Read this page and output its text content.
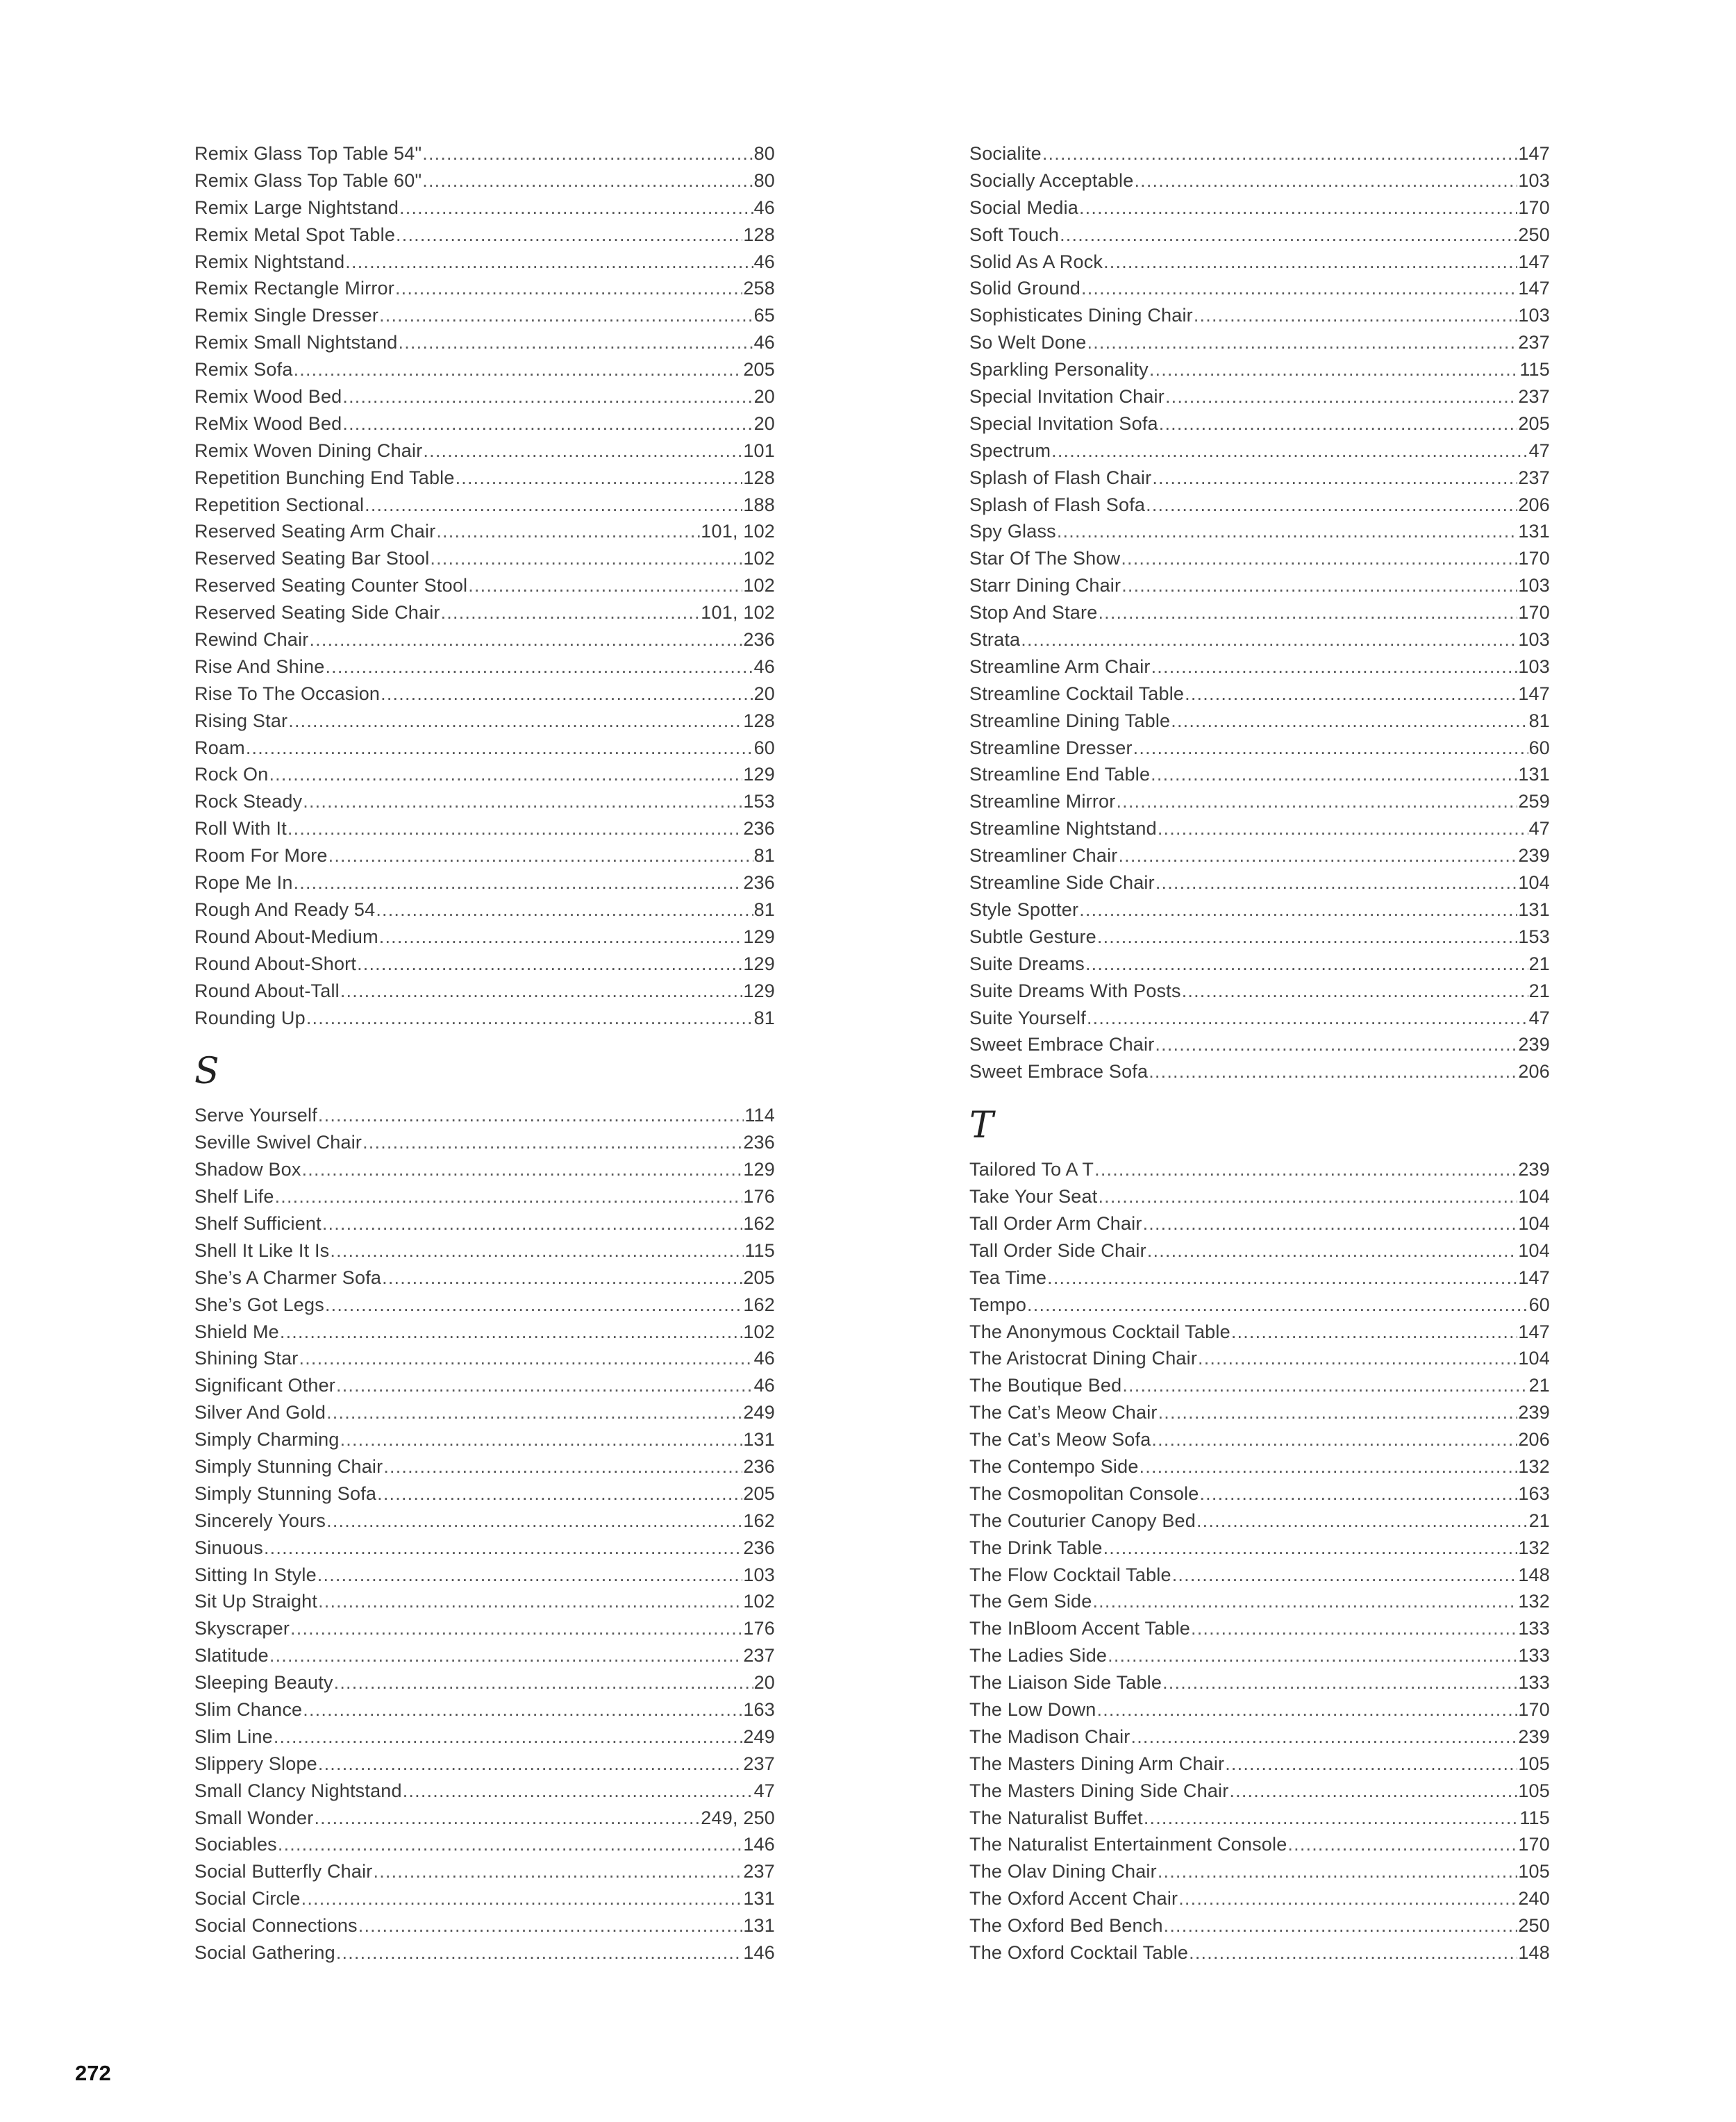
Remix Glass Top Table 54" .....	80
Remix Glass Top Table 60" .....	80
Remix Large Nightstand .....	46
Remix Metal Spot Table .....	128
Remix Nightstand .....	46
Remix Rectangle Mirror .....	258
Remix Single Dresser .....	65
Remix Small Nightstand .....	46
Remix Sofa .....	205
Remix Wood Bed .....	20
ReMix Wood Bed .....	20
Remix Woven Dining Chair .....	101
Repetition Bunching End Table .....	128
Repetition Sectional .....	188
Reserved Seating Arm Chair .....	101, 102
Reserved Seating Bar Stool .....	102
Reserved Seating Counter Stool .....	102
Reserved Seating Side Chair .....	101, 102
Rewind Chair .....	236
Rise And Shine .....	46
Rise To The Occasion .....	20
Rising Star .....	128
Roam .....	60
Rock On .....	129
Rock Steady .....	153
Roll With It .....	236
Room For More .....	81
Rope Me In .....	236
Rough And Ready 54 .....	81
Round About-Medium .....	129
Round About-Short .....	129
Round About-Tall .....	129
Rounding Up .....	81
S
Serve Yourself .....	114
Seville Swivel Chair .....	236
Shadow Box .....	129
Shelf Life .....	176
Shelf Sufficient .....	162
Shell It Like It Is .....	115
She’s A Charmer Sofa .....	205
She’s Got Legs .....	162
Shield Me .....	102
Shining Star .....	46
Significant Other .....	46
Silver And Gold .....	249
Simply Charming .....	131
Simply Stunning Chair .....	236
Simply Stunning Sofa .....	205
Sincerely Yours .....	162
Sinuous .....	236
Sitting In Style .....	103
Sit Up Straight .....	102
Skyscraper .....	176
Slatitude .....	237
Sleeping Beauty .....	20
Slim Chance .....	163
Slim Line .....	249
Slippery Slope .....	237
Small Clancy Nightstand .....	47
Small Wonder .....	249, 250
Sociables .....	146
Social Butterfly Chair .....	237
Social Circle .....	131
Social Connections .....	131
Social Gathering .....	146
Socialite .....	147
Socially Acceptable .....	103
Social Media .....	170
Soft Touch .....	250
Solid As A Rock .....	147
Solid Ground .....	147
Sophisticates Dining Chair .....	103
So Welt Done .....	237
Sparkling Personality .....	115
Special Invitation Chair .....	237
Special Invitation Sofa .....	205
Spectrum .....	47
Splash of Flash Chair .....	237
Splash of Flash Sofa .....	206
Spy Glass .....	131
Star Of The Show .....	170
Starr Dining Chair .....	103
Stop And Stare .....	170
Strata .....	103
Streamline Arm Chair .....	103
Streamline Cocktail Table .....	147
Streamline Dining Table .....	81
Streamline Dresser .....	60
Streamline End Table .....	131
Streamline Mirror .....	259
Streamline Nightstand .....	47
Streamliner Chair .....	239
Streamline Side Chair .....	104
Style Spotter .....	131
Subtle Gesture .....	153
Suite Dreams .....	21
Suite Dreams With Posts .....	21
Suite Yourself .....	47
Sweet Embrace Chair .....	239
Sweet Embrace Sofa .....	206
T
Tailored To A T .....	239
Take Your Seat .....	104
Tall Order Arm Chair .....	104
Tall Order Side Chair .....	104
Tea Time .....	147
Tempo .....	60
The Anonymous Cocktail Table .....	147
The Aristocrat Dining Chair .....	104
The Boutique Bed .....	21
The Cat’s Meow Chair .....	239
The Cat’s Meow Sofa .....	206
The Contempo Side .....	132
The Cosmopolitan Console .....	163
The Couturier Canopy Bed .....	21
The Drink Table .....	132
The Flow Cocktail Table .....	148
The Gem Side .....	132
The InBloom Accent Table .....	133
The Ladies Side .....	133
The Liaison Side Table .....	133
The Low Down .....	170
The Madison Chair .....	239
The Masters Dining Arm Chair .....	105
The Masters Dining Side Chair .....	105
The Naturalist Buffet .....	115
The Naturalist Entertainment Console .....	170
The Olav Dining Chair .....	105
The Oxford Accent Chair .....	240
The Oxford Bed Bench .....	250
The Oxford Cocktail Table .....	148
272
